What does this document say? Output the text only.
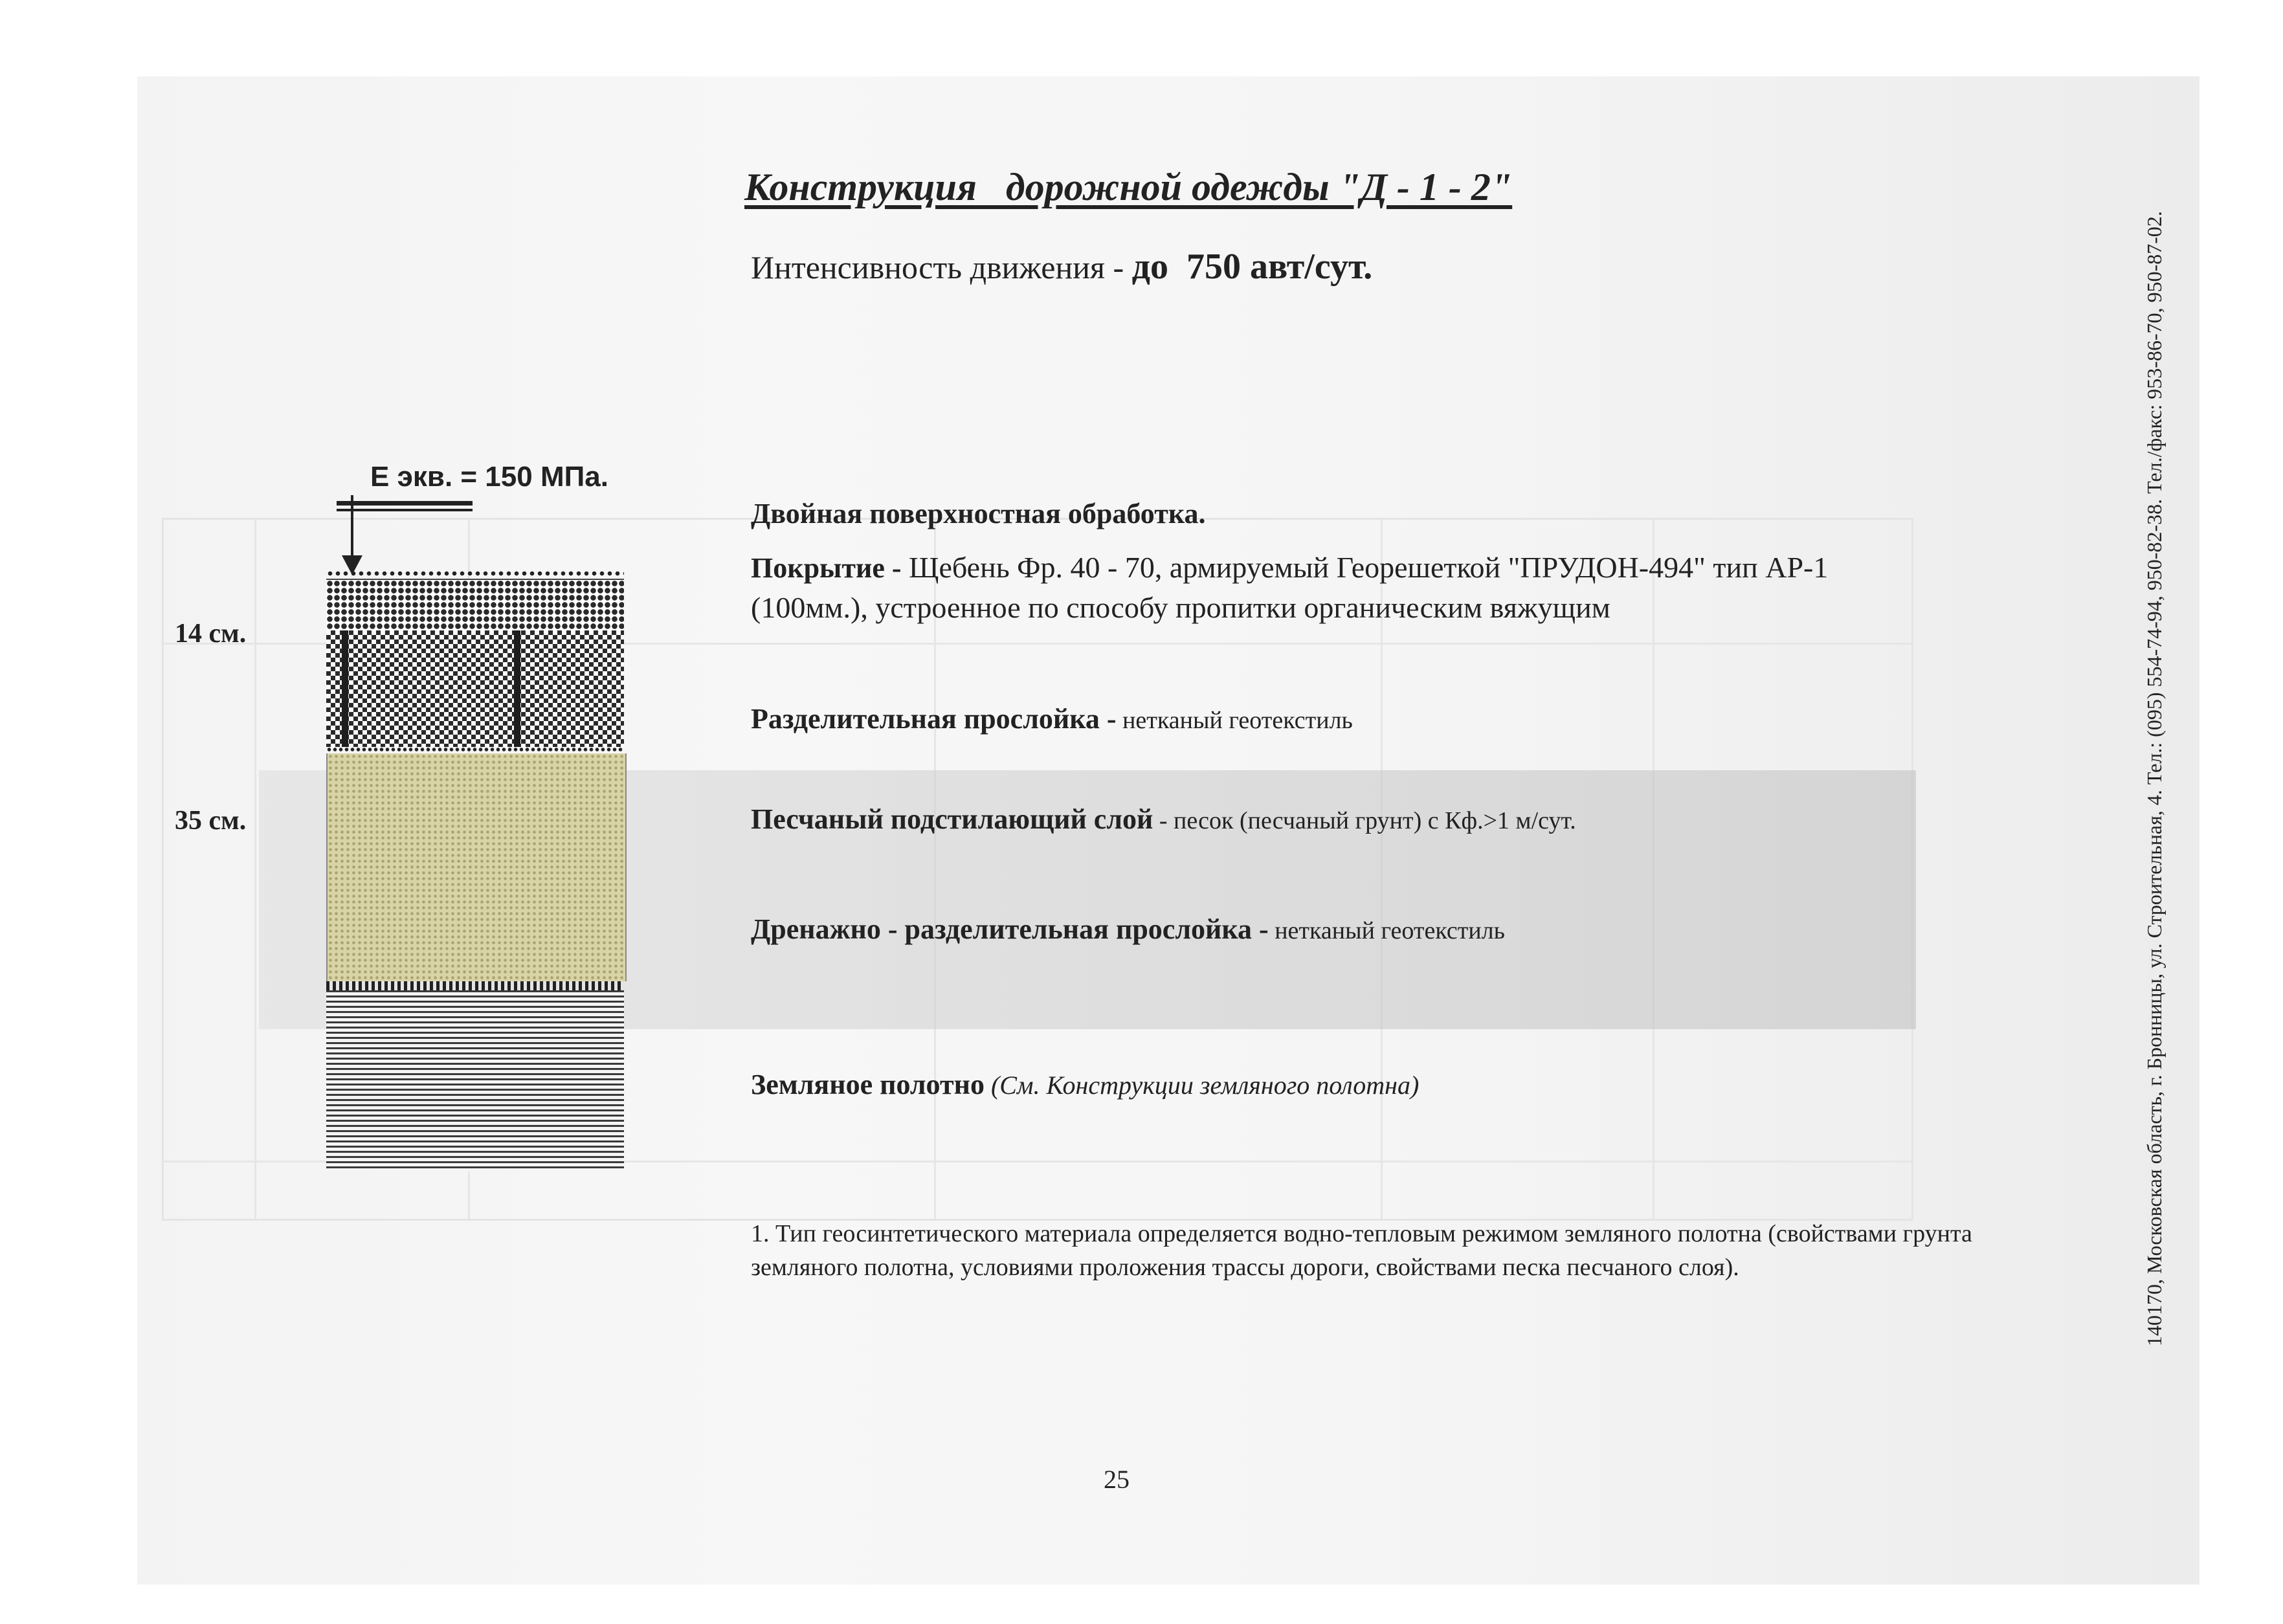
Конструкция   дорожной одежды "Д - 1 - 2"
Интенсивность движения - до  750 авт/сут.
Е экв. = 150 МПа.
14 см.
35 см.
Двойная поверхностная обработка.
Покрытие - Щебень Фр. 40 - 70, армируемый Георешеткой "ПРУДОН-494" тип АР-1
(100мм.), устроенное по способу пропитки органическим вяжущим
Разделительная прослойка - нетканый геотекстиль
Песчаный подстилающий слой - песок (песчаный грунт) с Кф.>1 м/сут.
Дренажно - разделительная прослойка - нетканый геотекстиль
Земляное полотно (См. Конструкции земляного полотна)
1. Тип геосинтетического материала определяется водно-тепловым режимом земляного полотна (свойствами грунта земляного полотна, условиями проложения трассы дороги, свойствами песка песчаного слоя).
25
140170, Московская область, г. Бронницы, ул. Строительная, 4. Тел.: (095) 554-74-94, 950-82-38. Тел./факс: 953-86-70, 950-87-02.
